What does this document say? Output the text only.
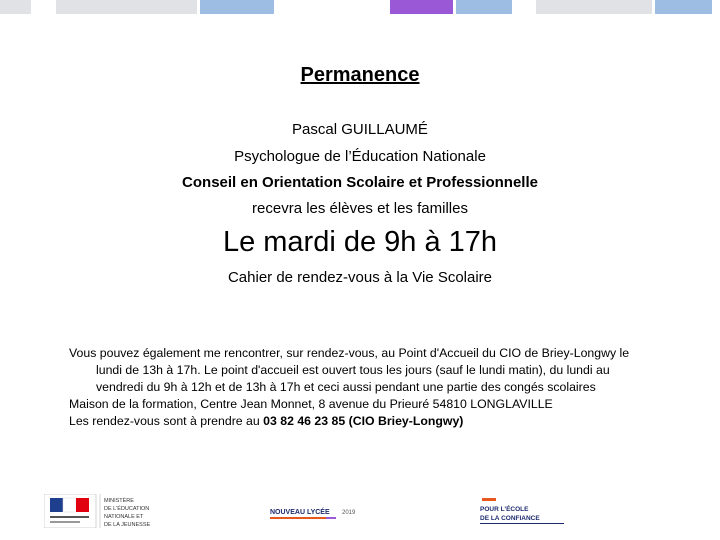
Permanence
Pascal GUILLAUMÉ
Psychologue de l’Éducation Nationale
Conseil en Orientation Scolaire et Professionnelle
recevra les élèves et les familles
Le mardi de 9h à 17h
Cahier de rendez-vous à la Vie Scolaire

Vous pouvez également me rencontrer, sur rendez-vous, au Point d'Accueil du CIO de Briey-Longwy le lundi de 13h à 17h. Le point d'accueil est ouvert tous les jours (sauf le lundi matin), du lundi au vendredi du 9h à 12h et de 13h à 17h et ceci aussi pendant une partie des congés scolaires

Maison de la formation, Centre Jean Monnet, 8 avenue du Prieuré 54810 LONGLAVILLE

Les rendez-vous sont à prendre au 03 82 46 23 85 (CIO Briey-Longwy)

MINISTÈRE
DE L'ÉDUCATION
NATIONALE ET
DE LA JEUNESSE
NOUVEAU LYCÉE 2019	POUR L'ÉCOLE
DE LA CONFIANCE
